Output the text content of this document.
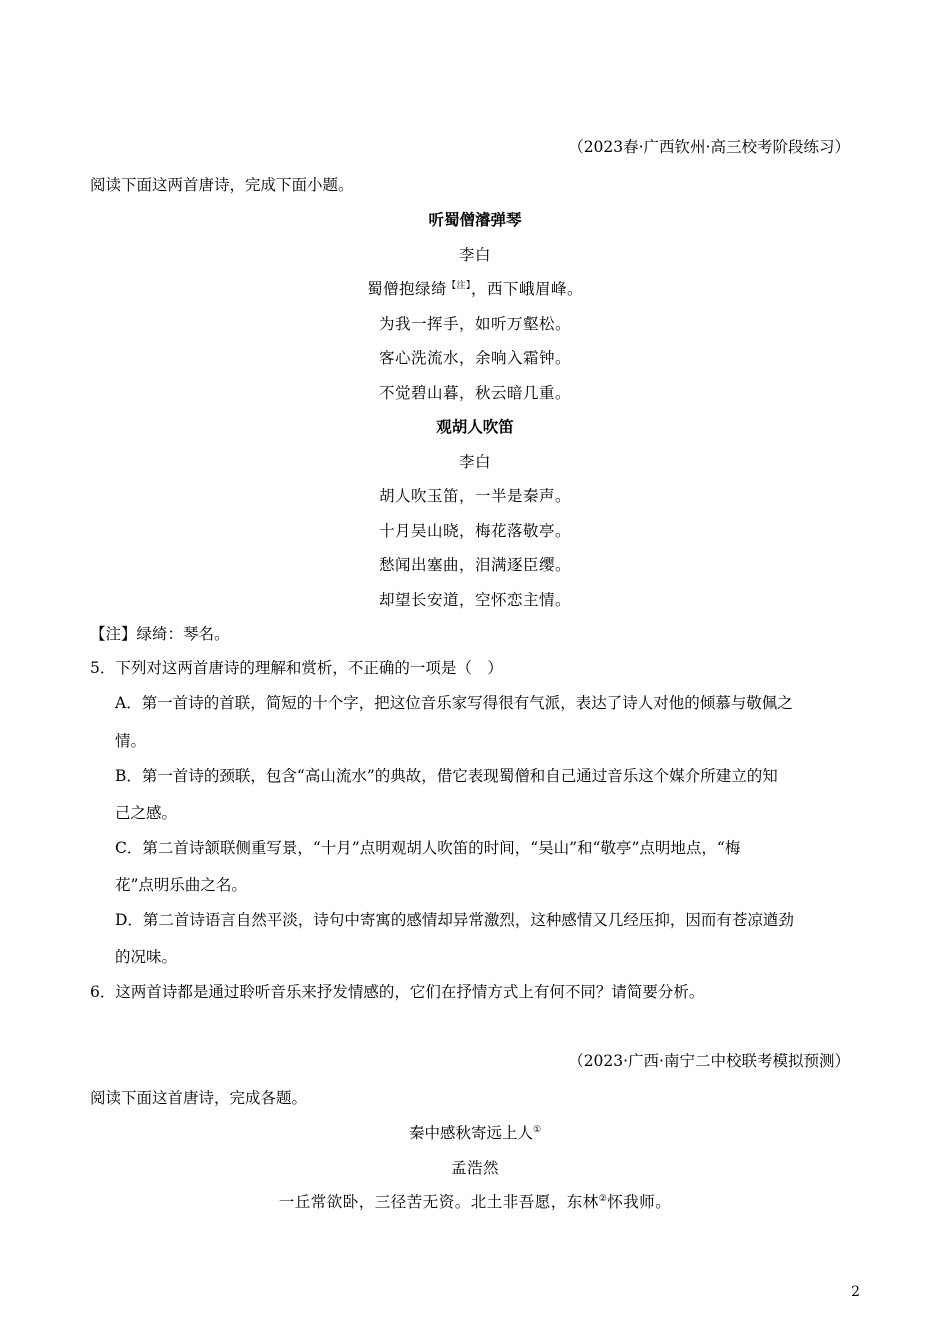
（2023春·广西钦州·高三校考阶段练习）
阅读下面这两首唐诗，完成下面小题。
听蜀僧濬弹琴
李白
蜀僧抱绿绮$^{【注】}$，西下峨眉峰。
为我一挥手，如听万壑松。
客心洗流水，余响入霜钟。
不觉碧山暮，秋云暗几重。
观胡人吹笛
李白
胡人吹玉笛，一半是秦声。
十月吴山晓，梅花落敬亭。
愁闻出塞曲，泪满逐臣缨。
却望长安道，空怀恋主情。
【注】绿绮：琴名。
5．下列对这两首唐诗的理解和赏析，不正确的一项是（　）
A．第一首诗的首联，简短的十个字，把这位音乐家写得很有气派，表达了诗人对他的倾慕与敬佩之
情。
B．第一首诗的颈联，包含“高山流水”的典故，借它表现蜀僧和自己通过音乐这个媒介所建立的知
己之感。
C．第二首诗颔联侧重写景，“十月”点明观胡人吹笛的时间，“吴山”和“敬亭”点明地点，“梅
花”点明乐曲之名。
D．第二首诗语言自然平淡，诗句中寄寓的感情却异常激烈，这种感情又几经压抑，因而有苍凉遒劲
的况味。
6．这两首诗都是通过聆听音乐来抒发情感的，它们在抒情方式上有何不同？请简要分析。
（2023·广西·南宁二中校联考模拟预测）
阅读下面这首唐诗，完成各题。
秦中感秋寄远上人①
孟浩然
一丘常欲卧，三径苦无资。北土非吾愿，东林②怀我师。
2
